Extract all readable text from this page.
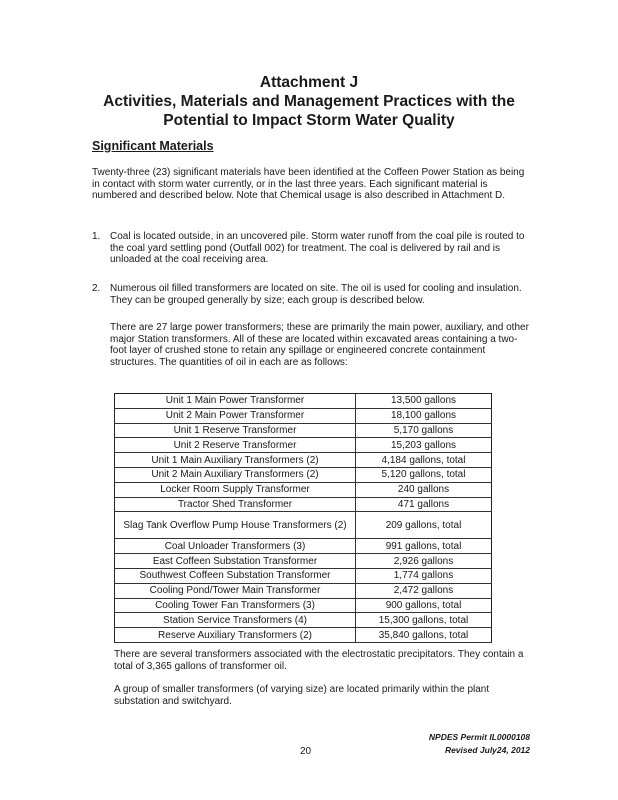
Attachment J
Activities, Materials and Management Practices with the
Potential to Impact Storm Water Quality
Significant Materials

Twenty-three (23) significant materials have been identified at the Coffeen Power Station as being in contact with storm water currently, or in the last three years. Each significant material is numbered and described below. Note that Chemical usage is also described in Attachment D.

1. Coal is located outside, in an uncovered pile. Storm water runoff from the coal pile is routed to the coal yard settling pond (Outfall 002) for treatment. The coal is delivered by rail and is unloaded at the coal receiving area.

2. Numerous oil filled transformers are located on site. The oil is used for cooling and insulation. They can be grouped generally by size; each group is described below.

There are 27 large power transformers; these are primarily the main power, auxiliary, and other major Station transformers. All of these are located within excavated areas containing a two-foot layer of crushed stone to retain any spillage or engineered concrete containment structures. The quantities of oil in each are as follows:

Unit 1 Main Power Transformer	13,500 gallons
Unit 2 Main Power Transformer	18,100 gallons
Unit 1 Reserve Transformer	5,170 gallons
Unit 2 Reserve Transformer	15,203 gallons
Unit 1 Main Auxiliary Transformers (2)	4,184 gallons, total
Unit 2 Main Auxiliary Transformers (2)	5,120 gallons, total
Locker Room Supply Transformer	240 gallons
Tractor Shed Transformer	471 gallons
Slag Tank Overflow Pump House Transformers (2)	209 gallons, total
Coal Unloader Transformers (3)	991 gallons, total
East Coffeen Substation Transformer	2,926 gallons
Southwest Coffeen Substation Transformer	1,774 gallons
Cooling Pond/Tower Main Transformer	2,472 gallons
Cooling Tower Fan Transformers (3)	900 gallons, total
Station Service Transformers (4)	15,300 gallons, total
Reserve Auxiliary Transformers (2)	35,840 gallons, total

There are several transformers associated with the electrostatic precipitators. They contain a total of 3,365 gallons of transformer oil.

A group of smaller transformers (of varying size) are located primarily within the plant substation and switchyard.

NPDES Permit IL0000108
Revised July24, 2012
20
